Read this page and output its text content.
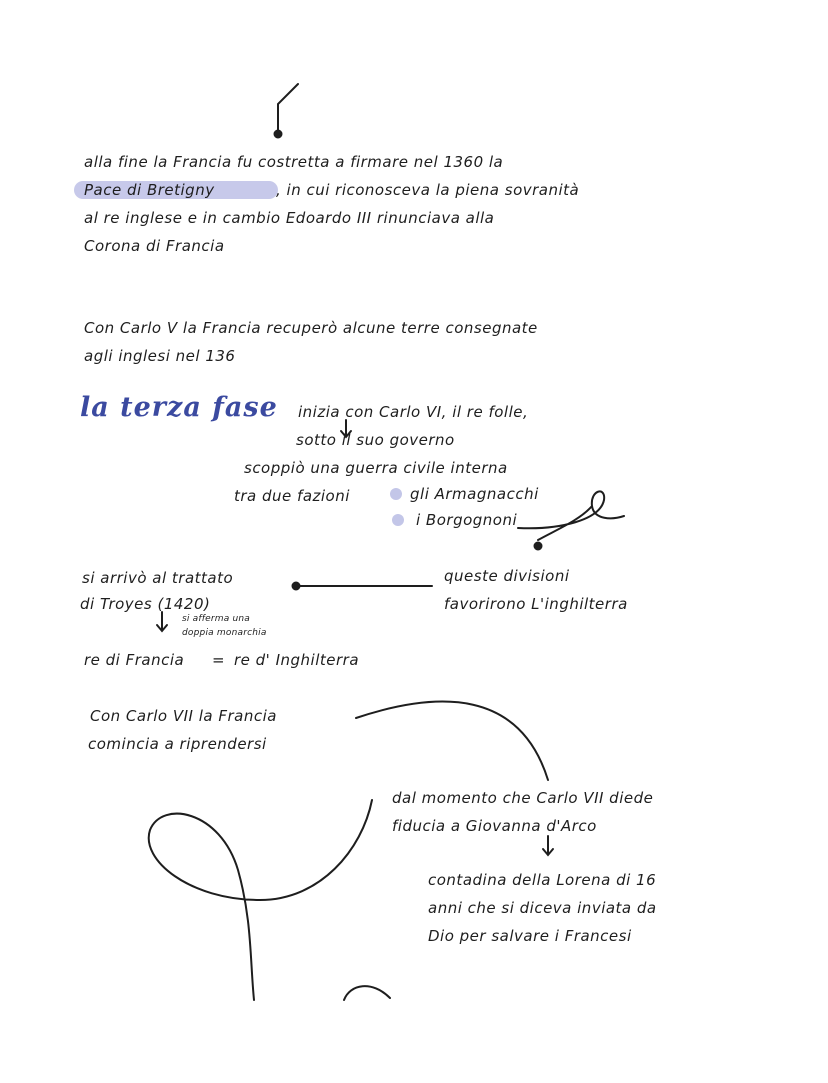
alla fine la Francia fu costretta a firmare nel 1360 la
Pace di Bretigny	, in cui riconosceva la piena sovranità
al re inglese e in cambio Edoardo III rinunciava alla
Corona di Francia
Con Carlo V la Francia recuperò alcune terre consegnate
agli inglesi nel 136
la terza fase inizia con Carlo VI, il re folle,
sotto il suo governo
scoppiò una guerra civile interna
tra due fazioni	gli Armagnacchi
i Borgognoni
si arrivò al trattato
di Troyes (1420)
si afferma una
doppia monarchia
re di Francia = re d' Inghilterra
queste divisioni
favorirono L'inghilterra
Con Carlo VII la Francia
comincia a riprendersi
dal momento che Carlo VII diede
fiducia a Giovanna d'Arco
contadina della Lorena di 16
anni che si diceva inviata da
Dio per salvare i Francesi
